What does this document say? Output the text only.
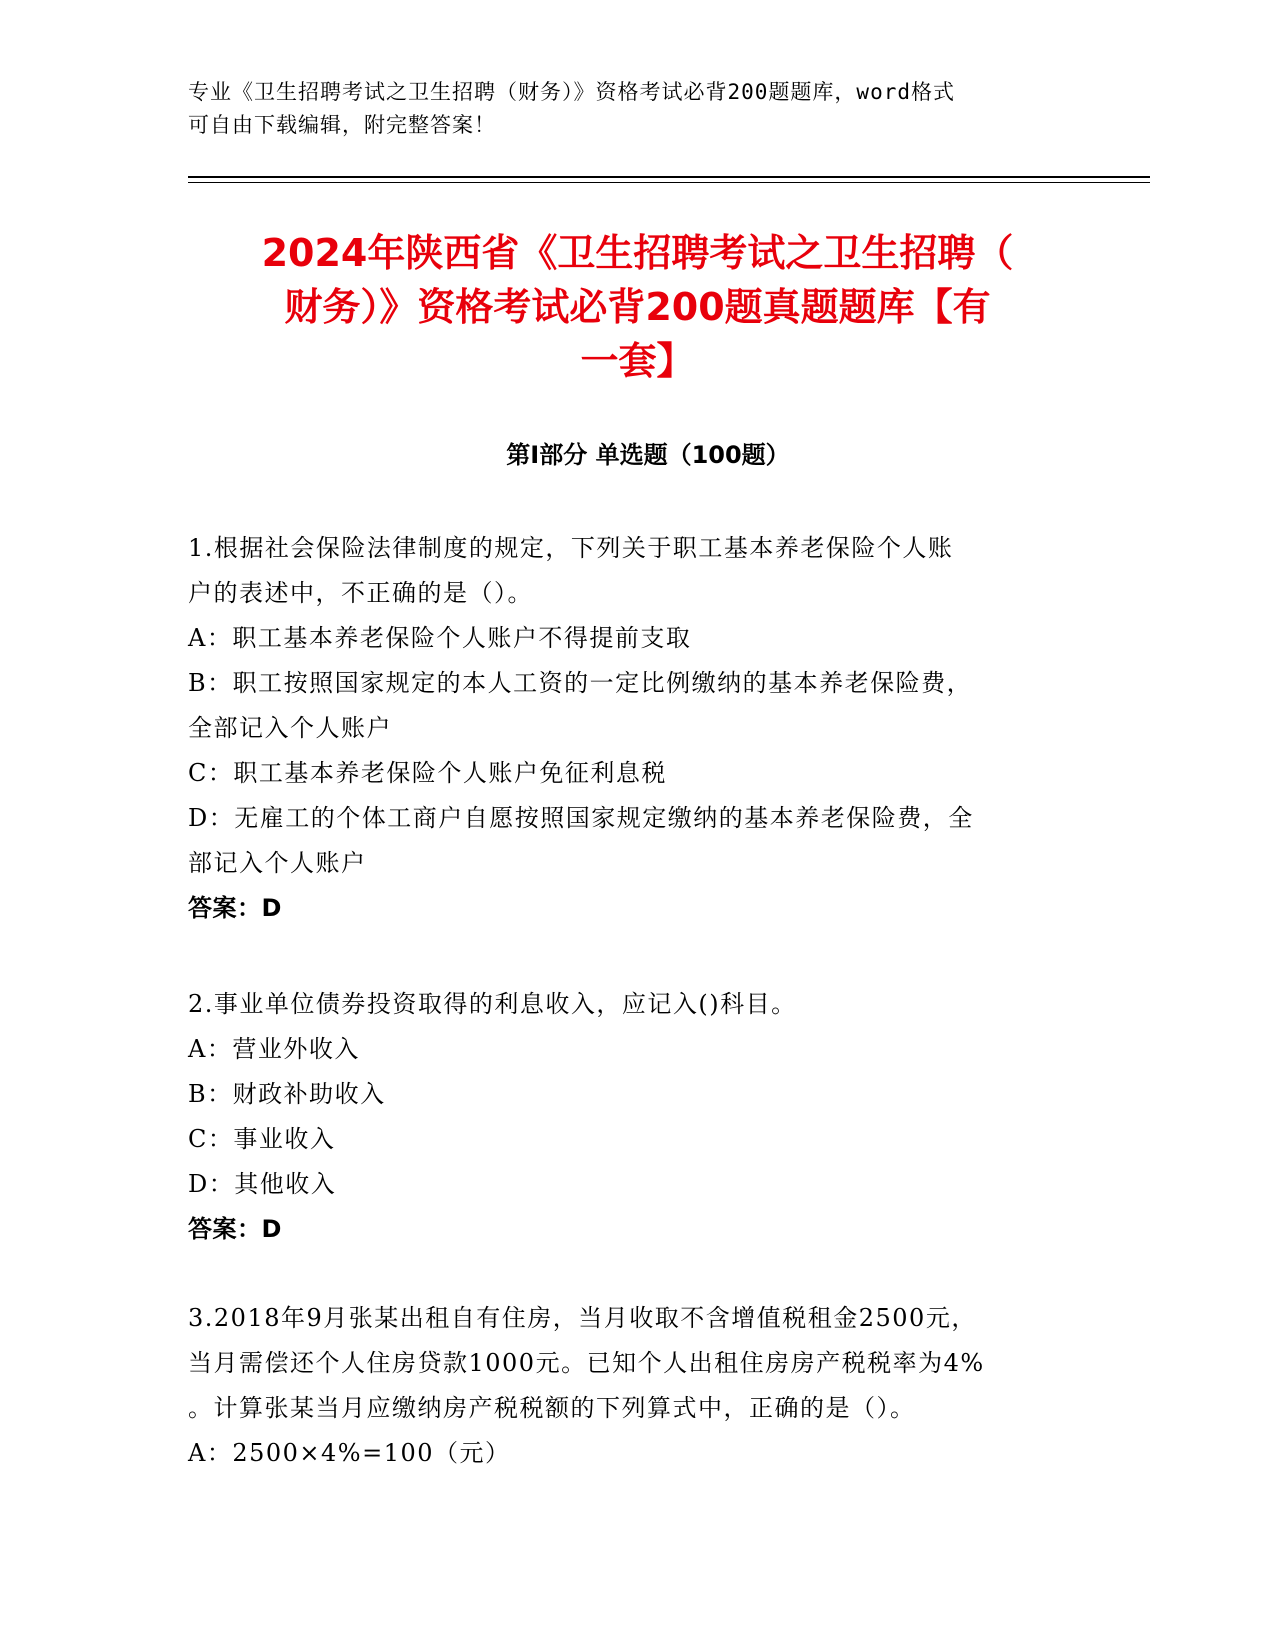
专业《卫生招聘考试之卫生招聘（财务）》资格考试必背200题题库，word格式
可自由下载编辑，附完整答案！
2024年陕西省《卫生招聘考试之卫生招聘（
财务）》资格考试必背200题真题题库【有
一套】
第I部分 单选题（100题）

1.根据社会保险法律制度的规定，下列关于职工基本养老保险个人账

户的表述中，不正确的是（）。

A：职工基本养老保险个人账户不得提前支取

B：职工按照国家规定的本人工资的一定比例缴纳的基本养老保险费，

全部记入个人账户

C：职工基本养老保险个人账户免征利息税

D：无雇工的个体工商户自愿按照国家规定缴纳的基本养老保险费，全

部记入个人账户

答案：D

2.事业单位债券投资取得的利息收入，应记入()科目。

A：营业外收入

B：财政补助收入

C：事业收入

D：其他收入

答案：D

3.2018年9月张某出租自有住房，当月收取不含增值税租金2500元，

当月需偿还个人住房贷款1000元。已知个人出租住房房产税税率为4%

。计算张某当月应缴纳房产税税额的下列算式中，正确的是（）。

A：2500×4%=100（元）
